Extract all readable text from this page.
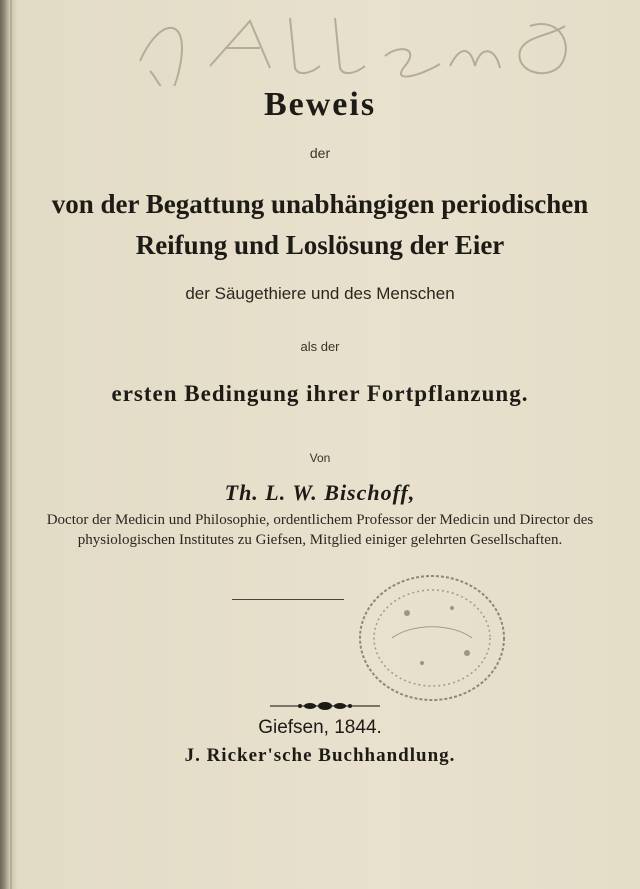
Beweis
der
von der Begattung unabhängigen periodischen
Reifung und Loslösung der Eier
der Säugethiere und des Menschen
als der
ersten Bedingung ihrer Fortpflanzung.
Von
Th. L. W. Bischoff,
Doctor der Medicin und Philosophie, ordentlichem Professor der Medicin und Director des physiologischen Institutes zu Giefsen, Mitglied einiger gelehrten Gesellschaften.
Giefsen, 1844.
J. Ricker'sche Buchhandlung.
